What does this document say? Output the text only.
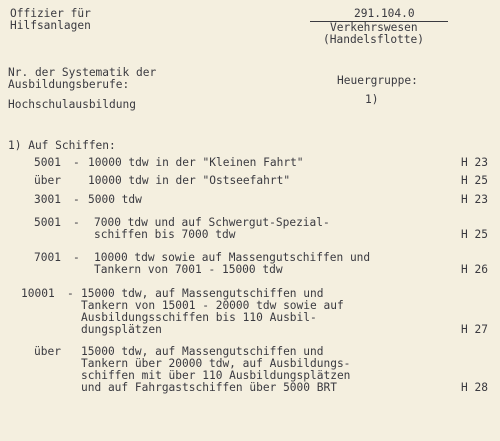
Offizier für
Hilfsanlagen
291.104.0
Verkehrswesen
(Handelsflotte)
Nr. der Systematik der
Ausbildungsberufe:
Hochschulausbildung
Heuergruppe:
1)
1) Auf Schiffen:
5001 - 10000 tdw in der "Kleinen Fahrt"	H 23
über 10000 tdw in der "Ostseefahrt"	H 25
3001 - 5000 tdw	H 23
5001 - 7000 tdw und auf Schwergut-Spezial-
schiffen bis 7000 tdw	H 25
7001 - 10000 tdw sowie auf Massengutschiffen und
Tankern von 7001 - 15000 tdw	H 26
10001 - 15000 tdw, auf Massengutschiffen und
Tankern von 15001 - 20000 tdw sowie auf
Ausbildungsschiffen bis 110 Ausbil-
dungsplätzen	H 27
über 15000 tdw, auf Massengutschiffen und
Tankern über 20000 tdw, auf Ausbildungs-
schiffen mit über 110 Ausbildungsplätzen
und auf Fahrgastschiffen über 5000 BRT	H 28
